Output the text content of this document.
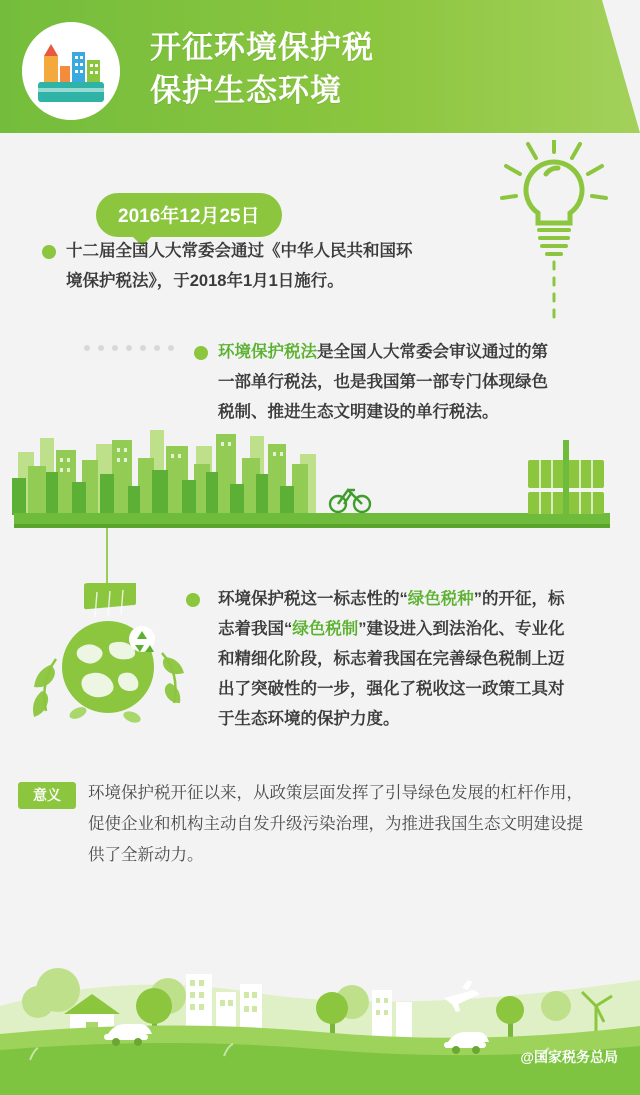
开征环境保护税
保护生态环境
2016年12月25日
十二届全国人大常委会通过《中华人民共和国环境保护税法》，于2018年1月1日施行。
环境保护税法是全国人大常委会审议通过的第一部单行税法，也是我国第一部专门体现绿色税制、推进生态文明建设的单行税法。
环境保护税这一标志性的“绿色税种”的开征，标志着我国“绿色税制”建设进入到法治化、专业化和精细化阶段，标志着我国在完善绿色税制上迈出了突破性的一步，强化了税收这一政策工具对于生态环境的保护力度。
意义	环境保护税开征以来，从政策层面发挥了引导绿色发展的杠杆作用，促使企业和机构主动自发升级污染治理，为推进我国生态文明建设提供了全新动力。
@国家税务总局
